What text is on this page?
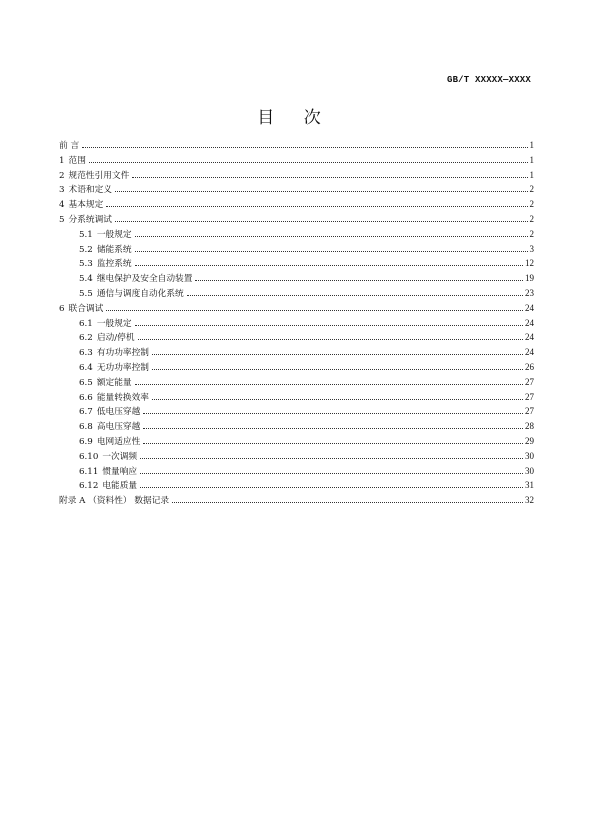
GB/T XXXXX—XXXX
目 次
前 言	1
1 范围	1
2 规范性引用文件	1
3 术语和定义	2
4 基本规定	2
5 分系统调试	2
5.1 一般规定	2
5.2 储能系统	3
5.3 监控系统	12
5.4 继电保护及安全自动装置	19
5.5 通信与调度自动化系统	23
6 联合调试	24
6.1 一般规定	24
6.2 启动/停机	24
6.3 有功功率控制	24
6.4 无功功率控制	26
6.5 额定能量	27
6.6 能量转换效率	27
6.7 低电压穿越	27
6.8 高电压穿越	28
6.9 电网适应性	29
6.10 一次调频	30
6.11 惯量响应	30
6.12 电能质量	31
附录 A （资料性） 数据记录	32
